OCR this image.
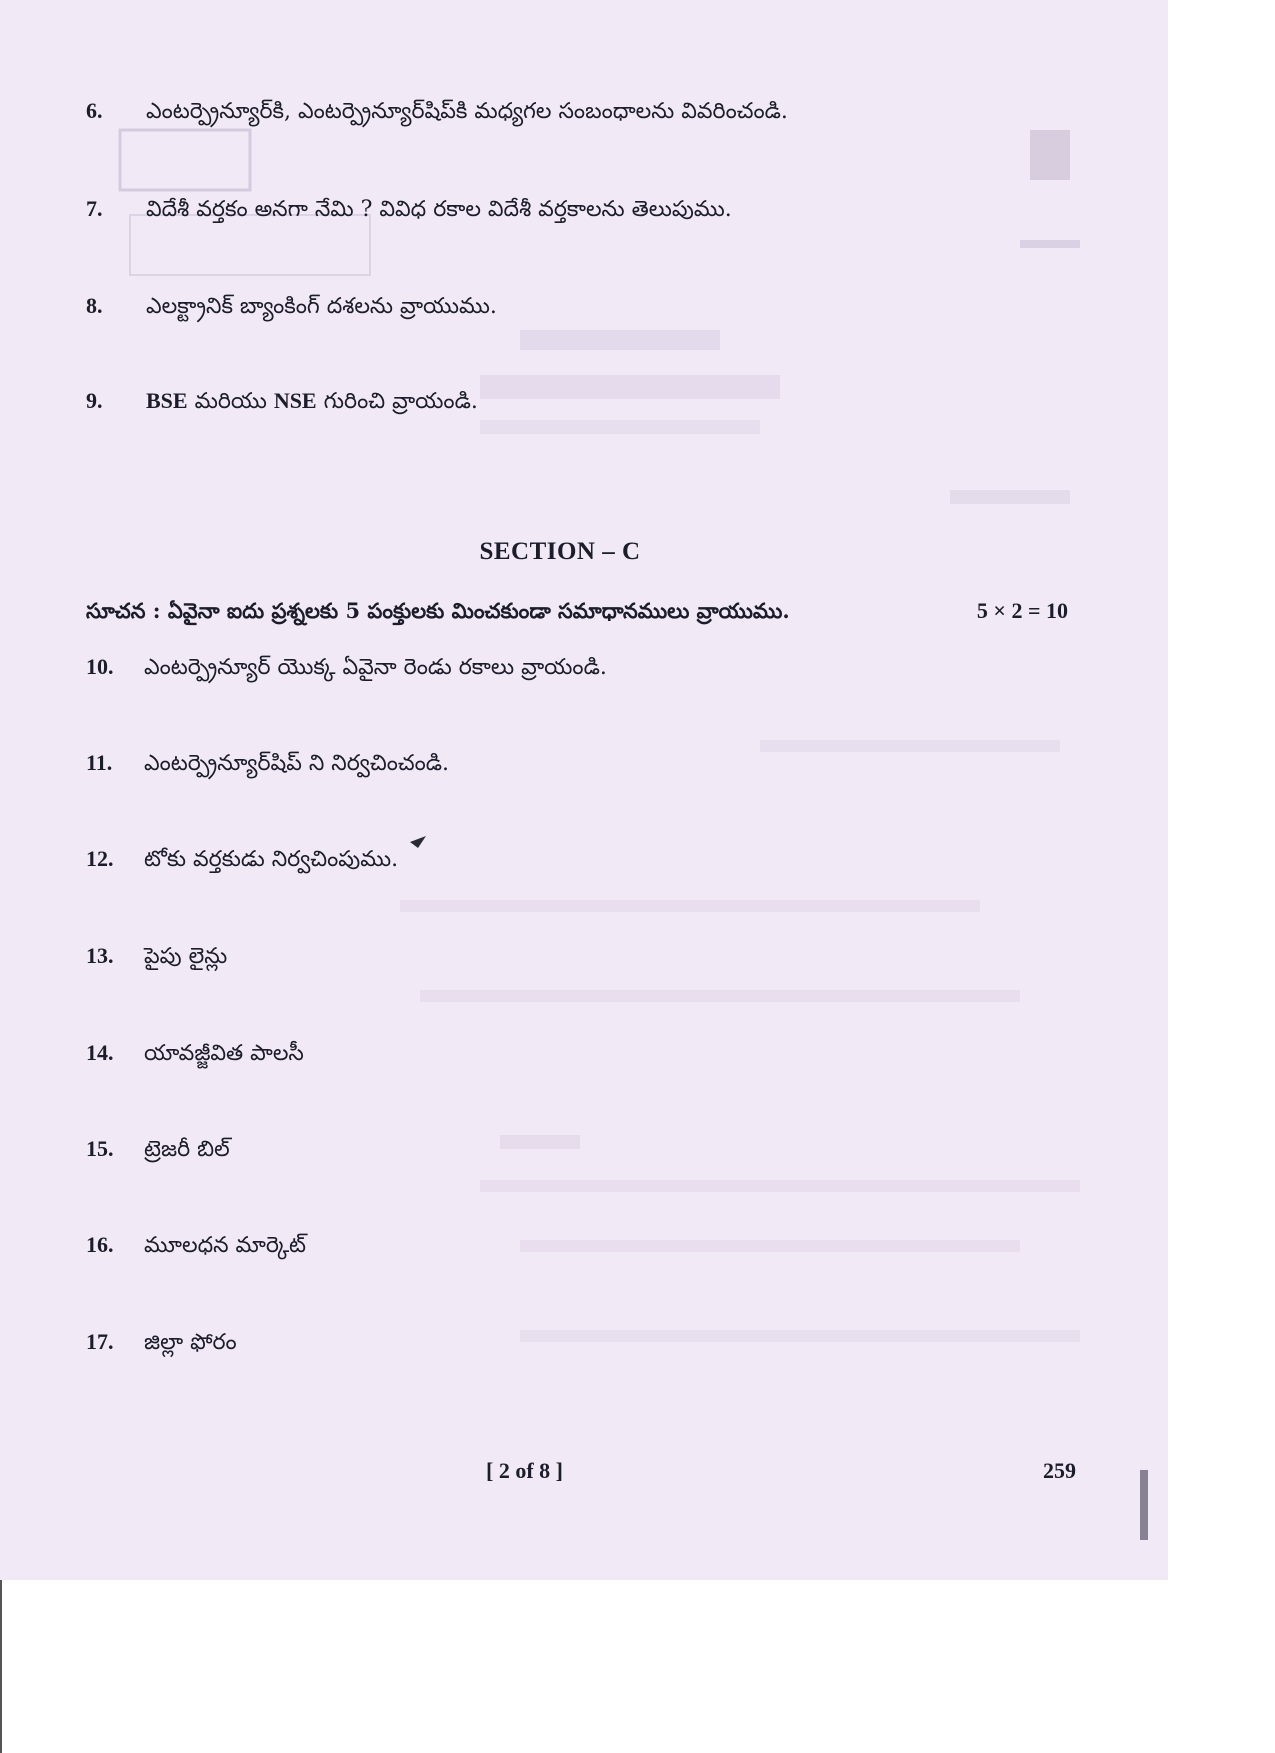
6. ఎంటర్ప్రెన్యూర్‌కి, ఎంటర్ప్రెన్యూర్‌షిప్‌కి మధ్యగల సంబంధాలను వివరించండి.
7. విదేశీ వర్తకం అనగా నేమి ? వివిధ రకాల విదేశీ వర్తకాలను తెలుపుము.
8. ఎలక్ట్రానిక్ బ్యాంకింగ్ దశలను వ్రాయుము.
9. BSE మరియు NSE గురించి వ్రాయండి.
SECTION – C
సూచన : ఏవైనా ఐదు ప్రశ్నలకు 5 పంక్తులకు మించకుండా సమాధానములు వ్రాయుము.	5 × 2 = 10
10. ఎంటర్ప్రెన్యూర్ యొక్క ఏవైనా రెండు రకాలు వ్రాయండి.
11. ఎంటర్ప్రెన్యూర్‌షిప్ ని నిర్వచించండి.
12. టోకు వర్తకుడు నిర్వచింపుము.
13. పైపు లైన్లు
14. యావజ్జీవిత పాలసీ
15. ట్రెజరీ బిల్
16. మూలధన మార్కెట్
17. జిల్లా ఫోరం
[ 2 of 8 ]	259
